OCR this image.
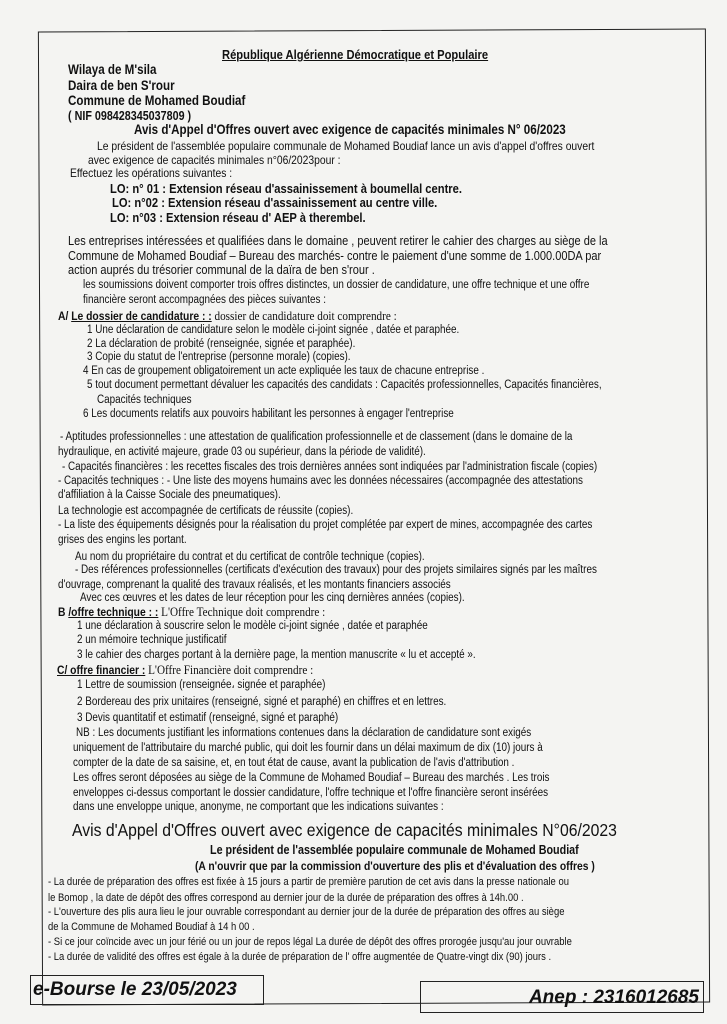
République Algérienne Démocratique et Populaire
Wilaya de M'sila
Daira de ben S'rour
Commune de Mohamed Boudiaf
( NIF 098428345037809 )
Avis d'Appel d'Offres ouvert avec exigence de capacités minimales N° 06/2023
Le président de l'assemblée populaire communale de Mohamed Boudiaf lance un avis d'appel d'offres ouvert
avec exigence de capacités minimales n°06/2023pour :
Effectuez les opérations suivantes :
LO: n° 01 : Extension réseau d'assainissement à boumellal centre.
LO: n°02 : Extension réseau d'assainissement au centre ville.
LO: n°03 : Extension réseau d' AEP à therembel.
Les entreprises intéressées et qualifiées dans le domaine , peuvent retirer le cahier des charges au siège de la
Commune de Mohamed Boudiaf – Bureau des marchés- contre le paiement d'une somme de 1.000.00DA par
action auprés du trésorier communal de la daïra de ben s'rour .
les soumissions doivent comporter trois offres distinctes, un dossier de candidature, une offre technique et une offre
financière seront accompagnées des pièces suivantes :
A/ Le dossier de candidature : : dossier de candidature doit comprendre :
1 Une déclaration de candidature selon le modèle ci-joint signée , datée et paraphée.
2 La déclaration de probité (renseignée, signée et paraphée).
3 Copie du statut de l'entreprise (personne morale) (copies).
4 En cas de groupement obligatoirement un acte expliquée les taux de chacune entreprise .
5 tout document permettant dévaluer les capacités des candidats : Capacités professionnelles, Capacités financières,
Capacités techniques
6 Les documents relatifs aux pouvoirs habilitant les personnes à engager l'entreprise
- Aptitudes professionnelles : une attestation de qualification professionnelle et de classement (dans le domaine de la
hydraulique, en activité majeure, grade 03 ou supérieur, dans la période de validité).
- Capacités financières : les recettes fiscales des trois dernières années sont indiquées par l'administration fiscale (copies)
- Capacités techniques : - Une liste des moyens humains avec les données nécessaires (accompagnée des attestations
d'affiliation à la Caisse Sociale des pneumatiques).
La technologie est accompagnée de certificats de réussite (copies).
- La liste des équipements désignés pour la réalisation du projet complétée par expert de mines, accompagnée des cartes
grises des engins les portant.
Au nom du propriétaire du contrat et du certificat de contrôle technique (copies).
- Des références professionnelles (certificats d'exécution des travaux) pour des projets similaires signés par les maîtres
d'ouvrage, comprenant la qualité des travaux réalisés, et les montants financiers associés
Avec ces œuvres et les dates de leur réception pour les cinq dernières années (copies).
B /offre technique : : L'Offre Technique doit comprendre :
1 une déclaration à souscrire selon le modèle ci-joint signée , datée et paraphée
2 un mémoire technique justificatif
3 le cahier des charges portant à la dernière page, la mention manuscrite « lu et accepté ».
C/ offre financier : L'Offre Financière doit comprendre :
1 Lettre de soumission (renseignée، signée et paraphée)
2 Bordereau des prix unitaires (renseigné, signé et paraphé) en chiffres et en lettres.
3 Devis quantitatif et estimatif (renseigné, signé et paraphé)
NB : Les documents justifiant les informations contenues dans la déclaration de candidature sont exigés
uniquement de l'attributaire du marché public, qui doit les fournir dans un délai maximum de dix (10) jours à
compter de la date de sa saisine, et, en tout état de cause, avant la publication de l'avis d'attribution .
Les offres seront déposées au siège de la Commune de Mohamed Boudiaf – Bureau des marchés . Les trois
enveloppes ci-dessus comportant le dossier candidature, l'offre technique et l'offre financière seront insérées
dans une enveloppe unique, anonyme, ne comportant que les indications suivantes :
Avis d'Appel d'Offres ouvert avec exigence de capacités minimales N°06/2023
Le président de l'assemblée populaire communale de Mohamed Boudiaf
(A n'ouvrir que par la commission d'ouverture des plis et d'évaluation des offres )
- La durée de préparation des offres est fixée à 15 jours a partir de première parution de cet avis dans la presse nationale ou
le Bomop , la date de dépôt des offres correspond au dernier jour de la durée de préparation des offres à 14h.00 .
- L'ouverture des plis aura lieu le jour ouvrable correspondant au dernier jour de la durée de préparation des offres au siège
de la Commune de Mohamed Boudiaf à 14 h 00 .
- Si ce jour coïncide avec un jour férié ou un jour de repos légal La durée de dépôt des offres prorogée jusqu'au jour ouvrable
- La durée de validité des offres est égale à la durée de préparation de l' offre augmentée de Quatre-vingt dix (90) jours .
e-Bourse le 23/05/2023	Anep : 2316012685
